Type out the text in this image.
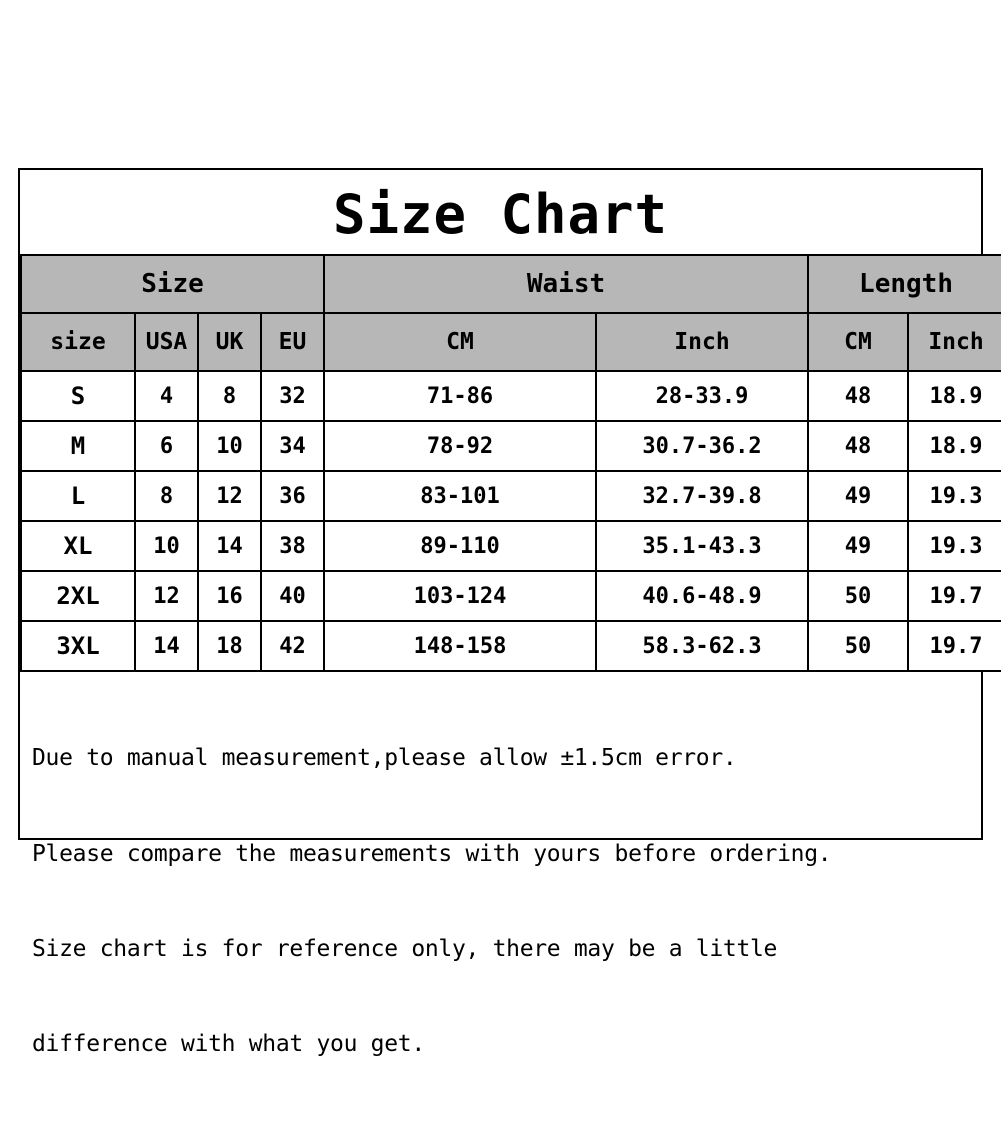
Size Chart
Size				Waist		Length	
size	USA	UK	EU	CM	Inch	CM	Inch
S	4	8	32	71-86	28-33.9	48	18.9
M	6	10	34	78-92	30.7-36.2	48	18.9
L	8	12	36	83-101	32.7-39.8	49	19.3
XL	10	14	38	89-110	35.1-43.3	49	19.3
2XL	12	16	40	103-124	40.6-48.9	50	19.7
3XL	14	18	42	148-158	58.3-62.3	50	19.7

Due to manual measurement,please allow ±1.5cm error.

Please compare the measurements with yours before ordering.

Size chart is for reference only, there may be a little

difference with what you get.
